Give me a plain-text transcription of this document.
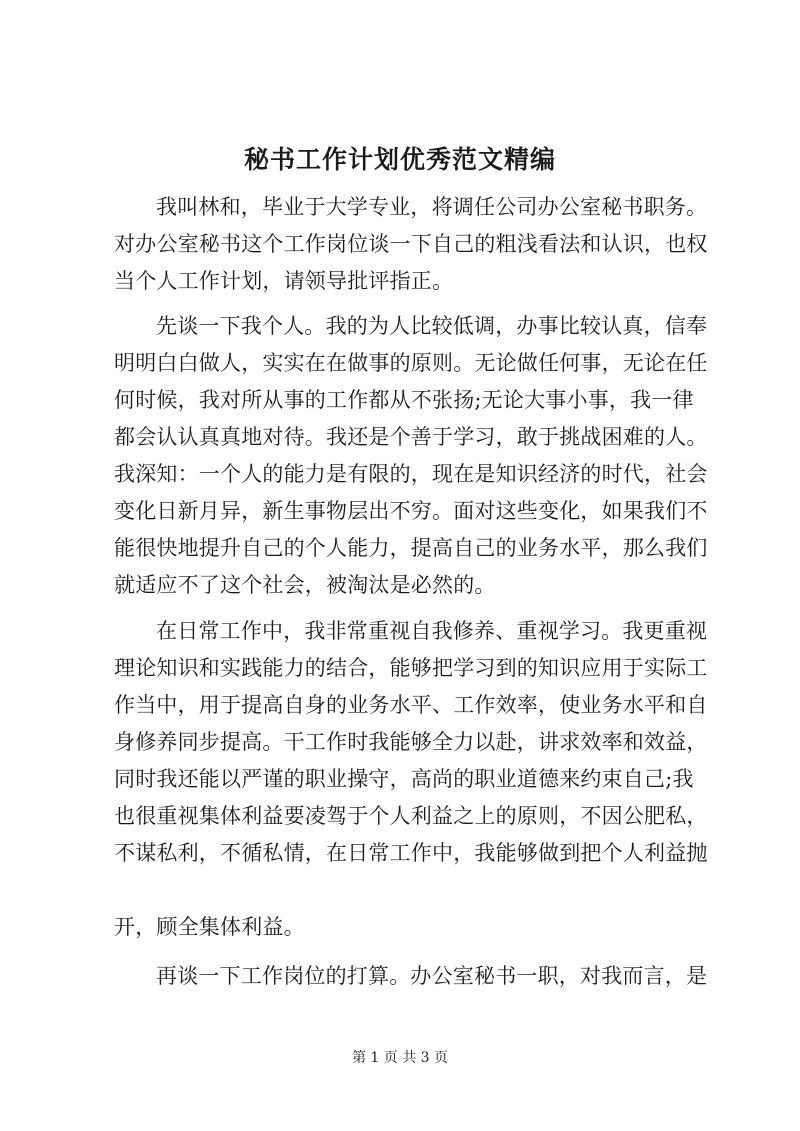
秘书工作计划优秀范文精编
我叫林和，毕业于大学专业，将调任公司办公室秘书职务。
对办公室秘书这个工作岗位谈一下自己的粗浅看法和认识，也权
当个人工作计划，请领导批评指正。
先谈一下我个人。我的为人比较低调，办事比较认真，信奉
明明白白做人，实实在在做事的原则。无论做任何事，无论在任
何时候，我对所从事的工作都从不张扬;无论大事小事，我一律
都会认认真真地对待。我还是个善于学习，敢于挑战困难的人。
我深知：一个人的能力是有限的，现在是知识经济的时代，社会
变化日新月异，新生事物层出不穷。面对这些变化，如果我们不
能很快地提升自己的个人能力，提高自己的业务水平，那么我们
就适应不了这个社会，被淘汰是必然的。
在日常工作中，我非常重视自我修养、重视学习。我更重视
理论知识和实践能力的结合，能够把学习到的知识应用于实际工
作当中，用于提高自身的业务水平、工作效率，使业务水平和自
身修养同步提高。干工作时我能够全力以赴，讲求效率和效益，
同时我还能以严谨的职业操守，高尚的职业道德来约束自己;我
也很重视集体利益要凌驾于个人利益之上的原则，不因公肥私，
不谋私利，不循私情，在日常工作中，我能够做到把个人利益抛
开，顾全集体利益。
再谈一下工作岗位的打算。办公室秘书一职，对我而言，是
第 1 页 共 3 页
